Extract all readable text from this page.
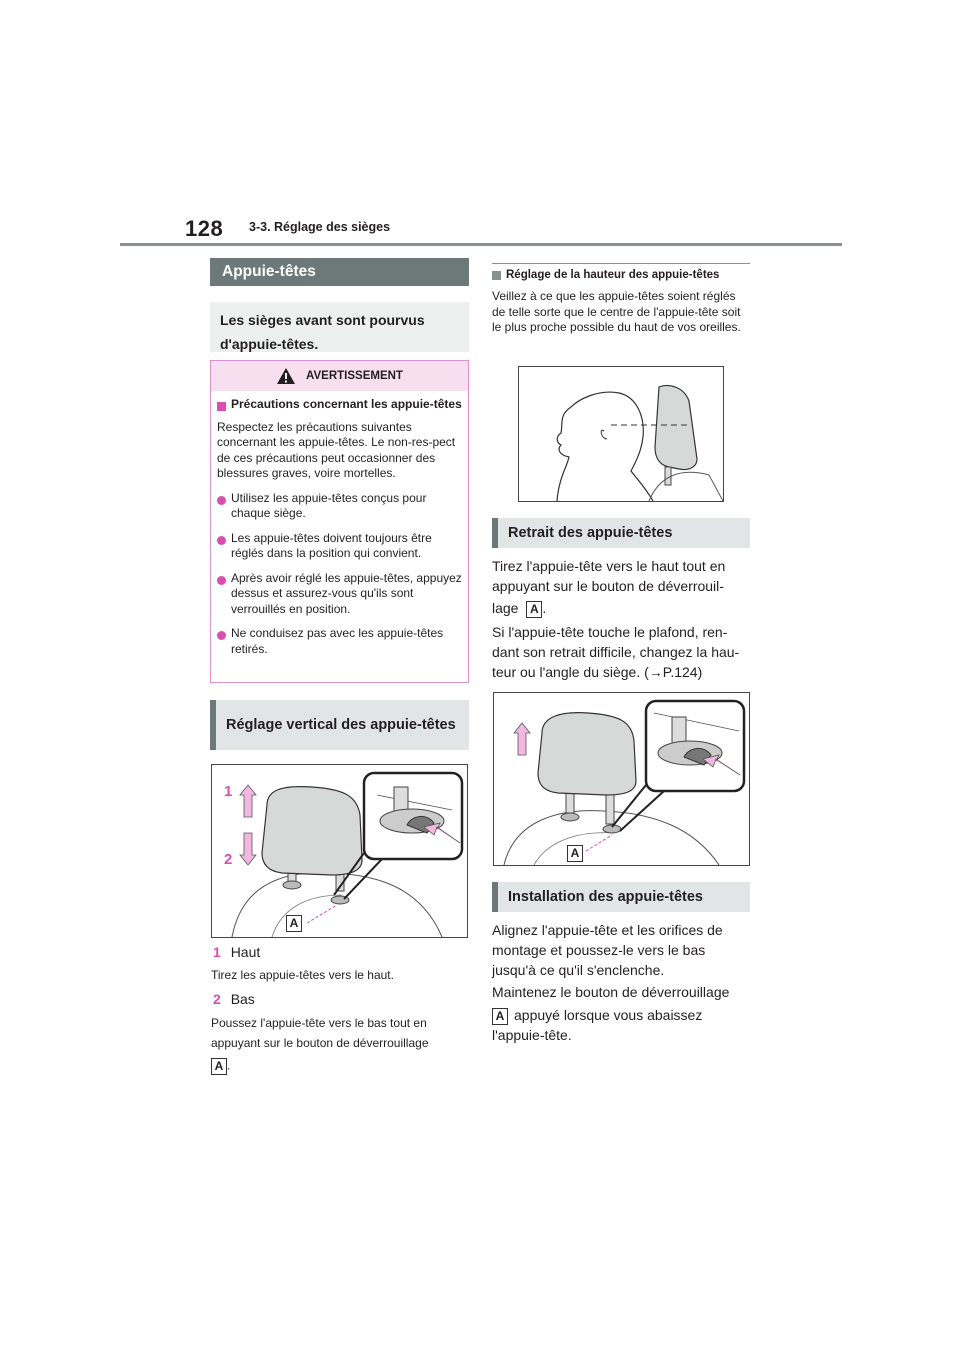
128 3-3. Réglage des sièges
Appuie-têtes
Les sièges avant sont pourvus d'appuie-têtes.
AVERTISSEMENT
Précautions concernant les appuie-têtes
Respectez les précautions suivantes concernant les appuie-têtes. Le non-res-pect de ces précautions peut occasionner des blessures graves, voire mortelles.
Utilisez les appuie-têtes conçus pour chaque siège.
Les appuie-têtes doivent toujours être réglés dans la position qui convient.
Après avoir réglé les appuie-têtes, appuyez dessus et assurez-vous qu'ils sont verrouillés en position.
Ne conduisez pas avec les appuie-têtes retirés.
Réglage vertical des appuie-têtes
1
2
A
1 Haut
Tirez les appuie-têtes vers le haut.
2 Bas
Poussez l'appuie-tête vers le bas tout en
appuyant sur le bouton de déverrouillage
A .
Réglage de la hauteur des appuie-têtes
Veillez à ce que les appuie-têtes soient réglés de telle sorte que le centre de l'appuie-tête soit le plus proche possible du haut de vos oreilles.
Retrait des appuie-têtes
Tirez l'appuie-tête vers le haut tout en appuyant sur le bouton de déverrouil-
lage A .
Si l'appuie-tête touche le plafond, ren-dant son retrait difficile, changez la hau-teur ou l'angle du siège. (→P.124)
A
Installation des appuie-têtes
Alignez l'appuie-tête et les orifices de montage et poussez-le vers le bas jusqu'à ce qu'il s'enclenche.
Maintenez le bouton de déverrouillage
A appuyé lorsque vous abaissez l'appuie-tête.
